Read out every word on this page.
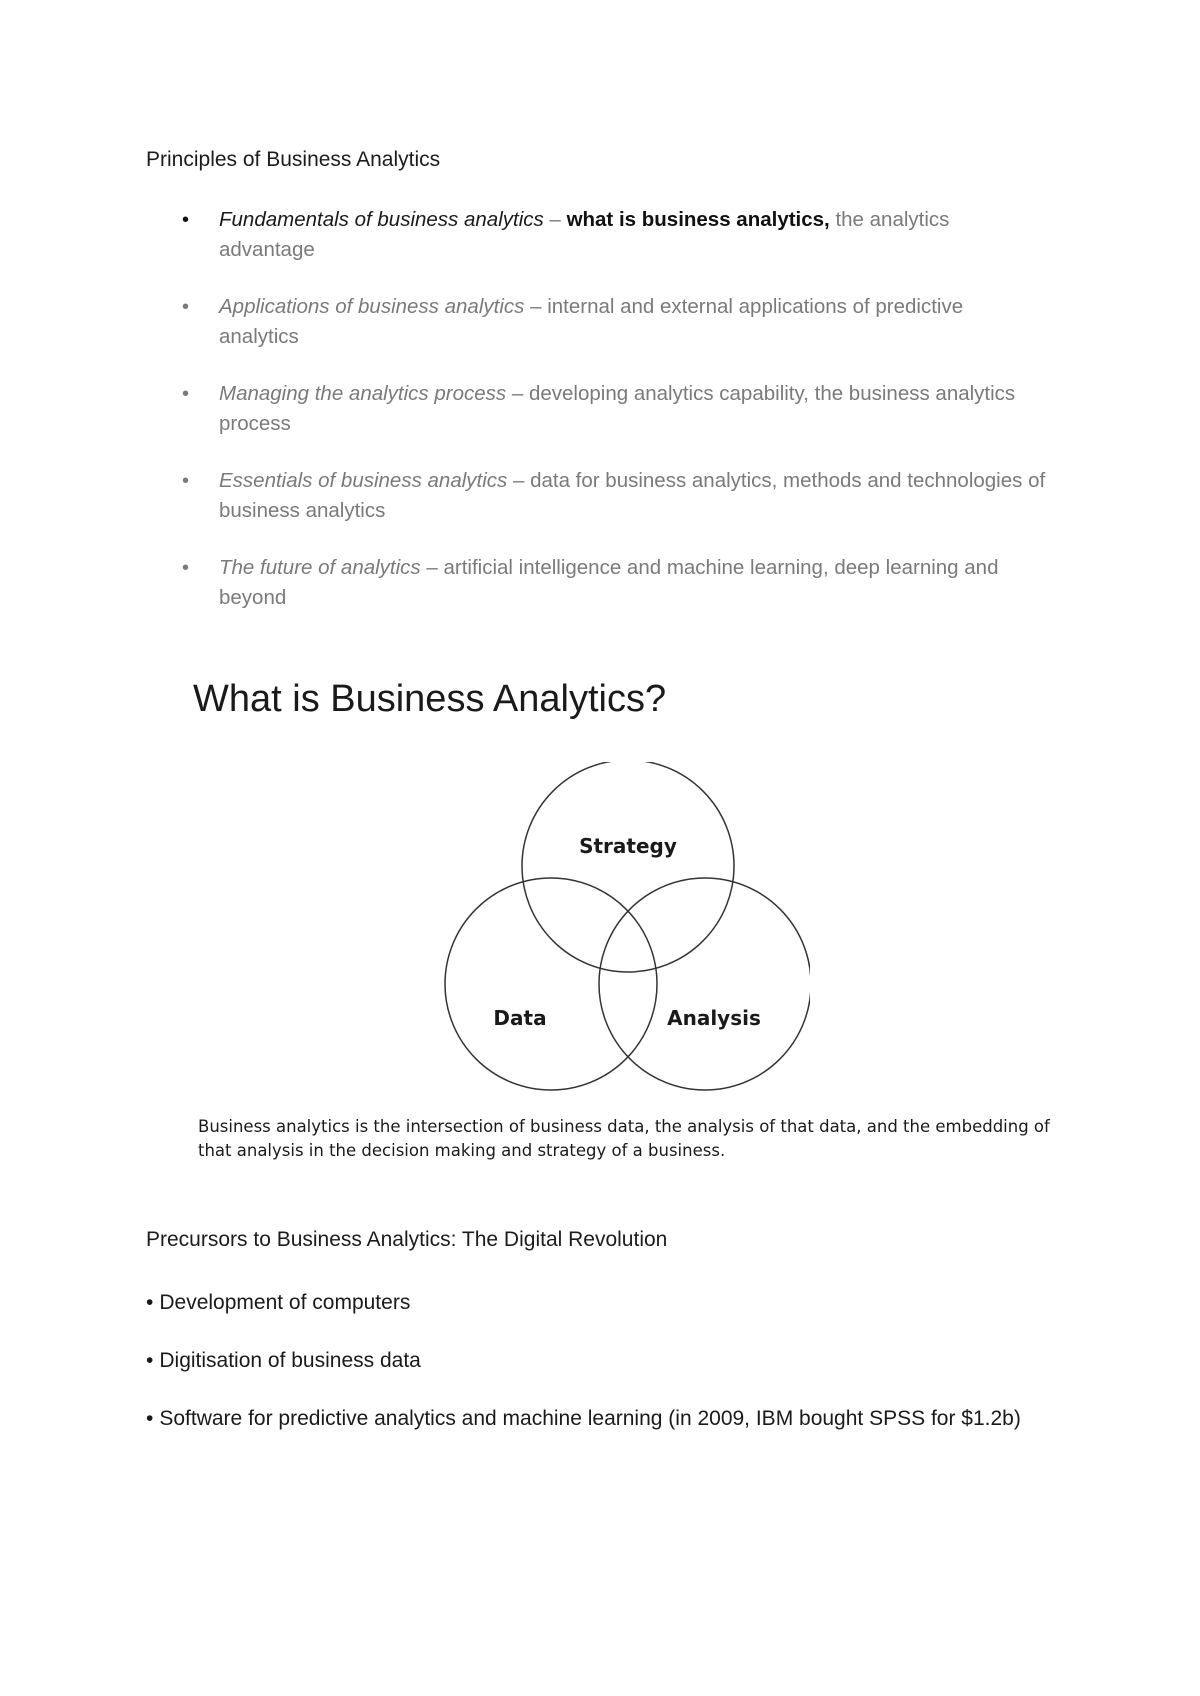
Principles of Business Analytics
• Fundamentals of business analytics – what is business analytics, the analytics advantage
• Applications of business analytics – internal and external applications of predictive analytics
• Managing the analytics process – developing analytics capability, the business analytics process
• Essentials of business analytics – data for business analytics, methods and technologies of business analytics
• The future of analytics – artificial intelligence and machine learning, deep learning and beyond
What is Business Analytics?
Strategy
Data	Analysis

Business analytics is the intersection of business data, the analysis of that data, and the embedding of that analysis in the decision making and strategy of a business.

Precursors to Business Analytics: The Digital Revolution
• Development of computers
• Digitisation of business data
• Software for predictive analytics and machine learning (in 2009, IBM bought SPSS for $1.2b)
